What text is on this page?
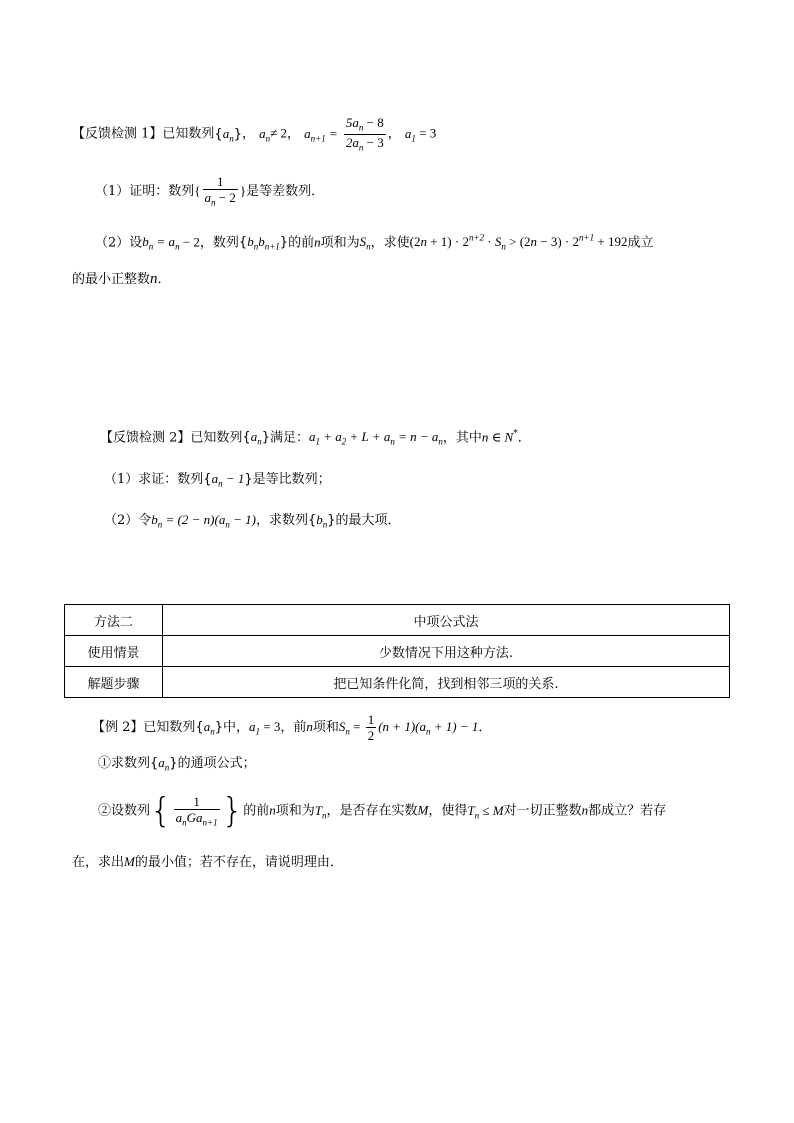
【反馈检测 1】已知数列$\{a_n\}$， $a_n\ne 2$， $a_{n+1} = \frac{5a_n - 8}{2a_n - 3}$ ， $a_1 = 3$
（1）证明：数列{ $\frac{1}{a_n - 2}$ }是等差数列．
（2）设$b_n = a_n - 2$，数列$\{b_nb_{n+1}\}$的前n项和为$S_n$，求使$(2n + 1) \cdot 2^{n+2} \cdot S_n > (2n - 3) \cdot 2^{n+1} + 192$成立
的最小正整数n．
【反馈检测 2】已知数列$\{a_n\}$满足：$a_1 + a_2 + L + a_n = n - a_n$，其中n ∈ N*．
（1）求证：数列$\{a_n - 1\}$是等比数列；
（2）令$b_n = (2 - n)(a_n - 1)$，求数列$\{b_n\}$的最大项．
方法二	中项公式法
使用情景	少数情况下用这种方法.
解题步骤	把已知条件化简，找到相邻三项的关系.
【例 2】已知数列$\{a_n\}$中，$a_1 = 3$，前n项和$S_n = \frac{1}{2} (n + 1)(a_n + 1) - 1$．
①求数列$\{a_n\}$的通项公式；
②设数列{ $\frac{1}{a_nGa_{n+1}}$ }的前n项和为$T_n$，是否存在实数M，使得$T_n \le M$对一切正整数n都成立？若存
在，求出M的最小值；若不存在，请说明理由．
